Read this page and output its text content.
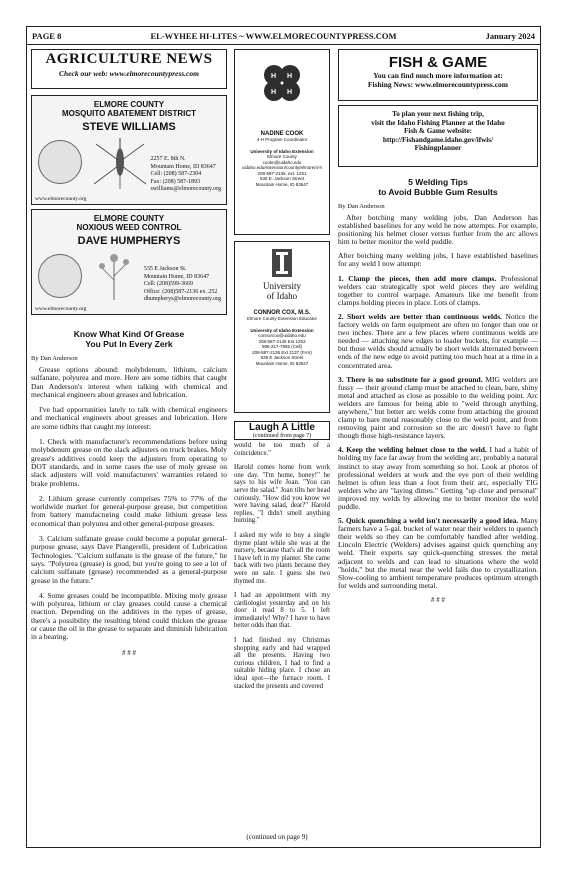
PAGE 8	EL-WYHEE HI-LITES ~ WWW.ELMORECOUNTYPRESS.COM	January 2024
AGRICULTURE NEWS
Check our web: www.elmorecountypress.com
ELMORE COUNTY
MOSQUITO ABATEMENT DISTRICT
STEVE WILLIAMS
2257 E. 8th N.
Mountain Home, ID 83647
Cell: (208) 587-2304
Fax: (208) 587-1893
swilliams@elmorecounty.org
www.elmorecounty.org
ELMORE COUNTY
NOXIOUS WEED CONTROL
DAVE HUMPHERYS
535 E Jackson St.
Mountain Home, ID 83647
Cell: (208)599-3669
Office: (208)587-2136 ex. 252
dhumpherys@elmorecounty.org
www.elmorecounty.org
Know What Kind Of Grease
You Put In Every Zerk
By Dan Anderson

Grease options abound: molybdenum, lithium, calcium sulfanate, polyurea and more. Here are some tidbits that caught Dan Anderson's interest when talking with chemical and mechanical engineers about greases and lubrication.

I've had opportunities lately to talk with chemical engineers and mechanical engineers about greases and lubrication. Here are some tidbits that caught my interest:

1. Check with manufacturer's recommendations before using molybdenum grease on the slack adjusters on truck brakes. Moly grease's additives could keep the adjusters from operating to DOT standards, and in some cases the use of moly grease on slack adjusters will void manufacturers' warranties related to brake problems.

2. Lithium grease currently comprises 75% to 77% of the worldwide market for general-purpose grease, but competition from battery manufacturing could make lithium grease less economical than polyurea and other general-purpose greases.

3. Calcium sulfanate grease could become a popular general-purpose grease, says Dave Piangerelli, president of Lubrication Technologies. "Calcium sulfanate is the grease of the future," he says. "Polyurea (grease) is good, but you're going to see a lot of calcium sulfanate (grease) recommended as a general-purpose grease in the future."

4. Some greases could be incompatible. Mixing moly grease with polyurea, lithium or clay greases could cause a chemical reaction. Depending on the additives in the types of grease, there's a possibility the resulting blend could thicken the grease or cause the oil in the grease to separate and diminish lubrication in a bearing.

# # #
H H
H H
NADINE COOK
4-H Program Coordinator
University of Idaho Extension
Elmore County
cookn@uidaho.edu
uidaho.edu/extension/county/elmore/4-h
208-587-2136, ext. 1251
535 E. Jackson Street
Mountain Home, ID 83647
University
of Idaho
CONNOR COX, M.S.
Elmore County Extension Educator
University of Idaho Extension
connorcox@uidaho.edu
208-587-2136 Ext 1253
986-217-7955 (Cell)
208-587-2136 Ext 2137 (FAX)
535 E Jackson Street
Mountain Home, ID 83647
Laugh A Little
(continued from page 7)

would be too much of a coincidence."

Harold comes home from work one day. "I'm home, honey!" he says to his wife Joan. "You can serve the salad." Joan tilts her head curiously. "How did you know we were having salad, dear?" Harold replies, "I didn't smell anything burning."

I asked my wife to buy a single thyme plant while she was at the nursery, because that's all the room I have left in my planter. She came back with two plants because they were on sale. I guess she two thymed me.

I had an appointment with my cardiologist yesterday and on his door it read 8 to 5. I left immediately! Why? I have to have better odds than that.

I had finished my Christmas shopping early and had wrapped all the presents. Having two curious children, I had to find a suitable hiding place. I chose an ideal spot—the furnace room. I stacked the presents and covered

(continued on page 9)
FISH & GAME
You can find much more information at:
Fishing News: www.elmorecountypress.com
To plan your next fishing trip,
visit the Idaho Fishing Planner at the Idaho
Fish & Game website:
http://Fishandgame.idaho.gov/ifwis/
Fishingplanner
5 Welding Tips
to Avoid Bubble Gum Results
By Dan Anderson

After botching many welding jobs, Dan Anderson has established baselines for any weld he now attempts. For example, positioning his helmet closer versus further from the arc allows him to better monitor the weld puddle.

After botching many welding jobs, I have established baselines for any weld I now attempt:

1. Clamp the pieces, then add more clamps. Professional welders can strategically spot weld pieces they are welding together to control warpage. Amateurs like me benefit from clamps holding pieces in place. Lots of clamps.

2. Short welds are better than continuous welds. Notice the factory welds on farm equipment are often no longer than one or two inches. There are a few places where continuous welds are needed — attaching new edges to loader buckets, for example — but those welds should actually be short welds alternated between ends of the new edge to avoid putting too much heat at a time in a concentrated area.

3. There is no substitute for a good ground. MIG welders are fussy — their ground clamp must be attached to clean, bare, shiny metal and attached as close as possible to the welding point. Arc welders are famous for being able to "weld through anything, anywhere," but better arc welds come from attaching the ground clamp to bare metal reasonably close to the weld point, and from removing paint and corrosion so the arc doesn't have to fight though those high-resistance layers.

4. Keep the welding helmet close to the weld. I had a habit of holding my face far away from the welding arc, probably a natural instinct to stay away from something so hot. Look at photos of professional welders at work and the eye port of their welding helmet is often less than a foot from their arc, especially TIG welders who are "laying dimes." Getting "up close and personal" improved my welds by allowing me to better monitor the weld puddle.

5. Quick quenching a weld isn't necessarily a good idea. Many farmers have a 5-gal. bucket of water near their welders to quench their welds so they can be comfortably handled after welding. Lincoln Electric (Welders) advises against quick quenching any weld. Their experts say quick-quenching stresses the metal adjacent to welds and can lead to situations where the weld "holds," but the metal near the weld fails due to crystallization. Slow-cooling to ambient temperature produces optimum strength for welds and surrounding metal.

# # #
